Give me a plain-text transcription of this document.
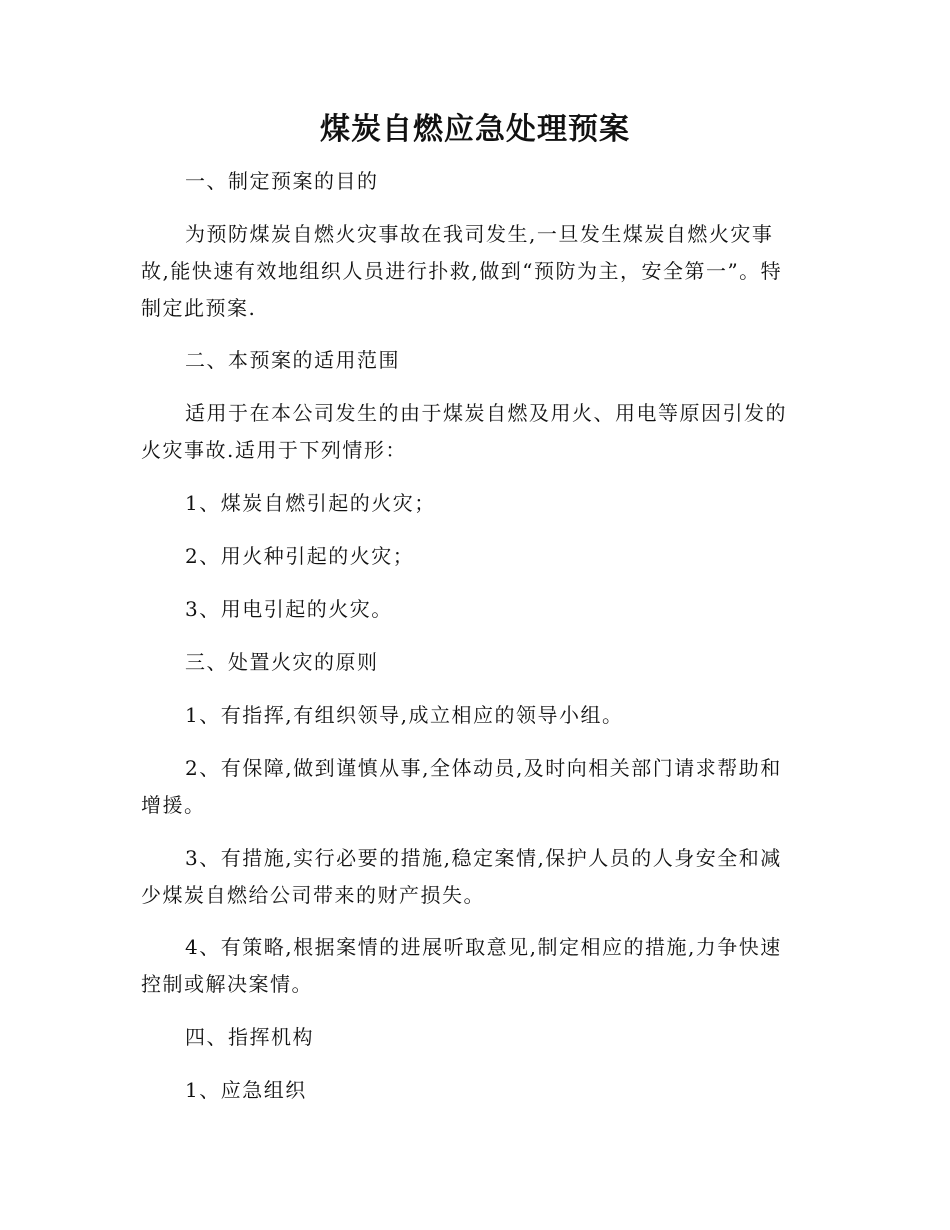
煤炭自燃应急处理预案

一、制定预案的目的

为预防煤炭自燃火灾事故在我司发生,一旦发生煤炭自燃火灾事故,能快速有效地组织人员进行扑救,做到“预防为主，安全第一”。特制定此预案.

二、本预案的适用范围

适用于在本公司发生的由于煤炭自燃及用火、用电等原因引发的火灾事故.适用于下列情形：

1、煤炭自燃引起的火灾；

2、用火种引起的火灾；

3、用电引起的火灾。

三、处置火灾的原则

1、有指挥,有组织领导,成立相应的领导小组。

2、有保障,做到谨慎从事,全体动员,及时向相关部门请求帮助和增援。

3、有措施,实行必要的措施,稳定案情,保护人员的人身安全和减少煤炭自燃给公司带来的财产损失。

4、有策略,根据案情的进展听取意见,制定相应的措施,力争快速控制或解决案情。

四、指挥机构

1、应急组织
